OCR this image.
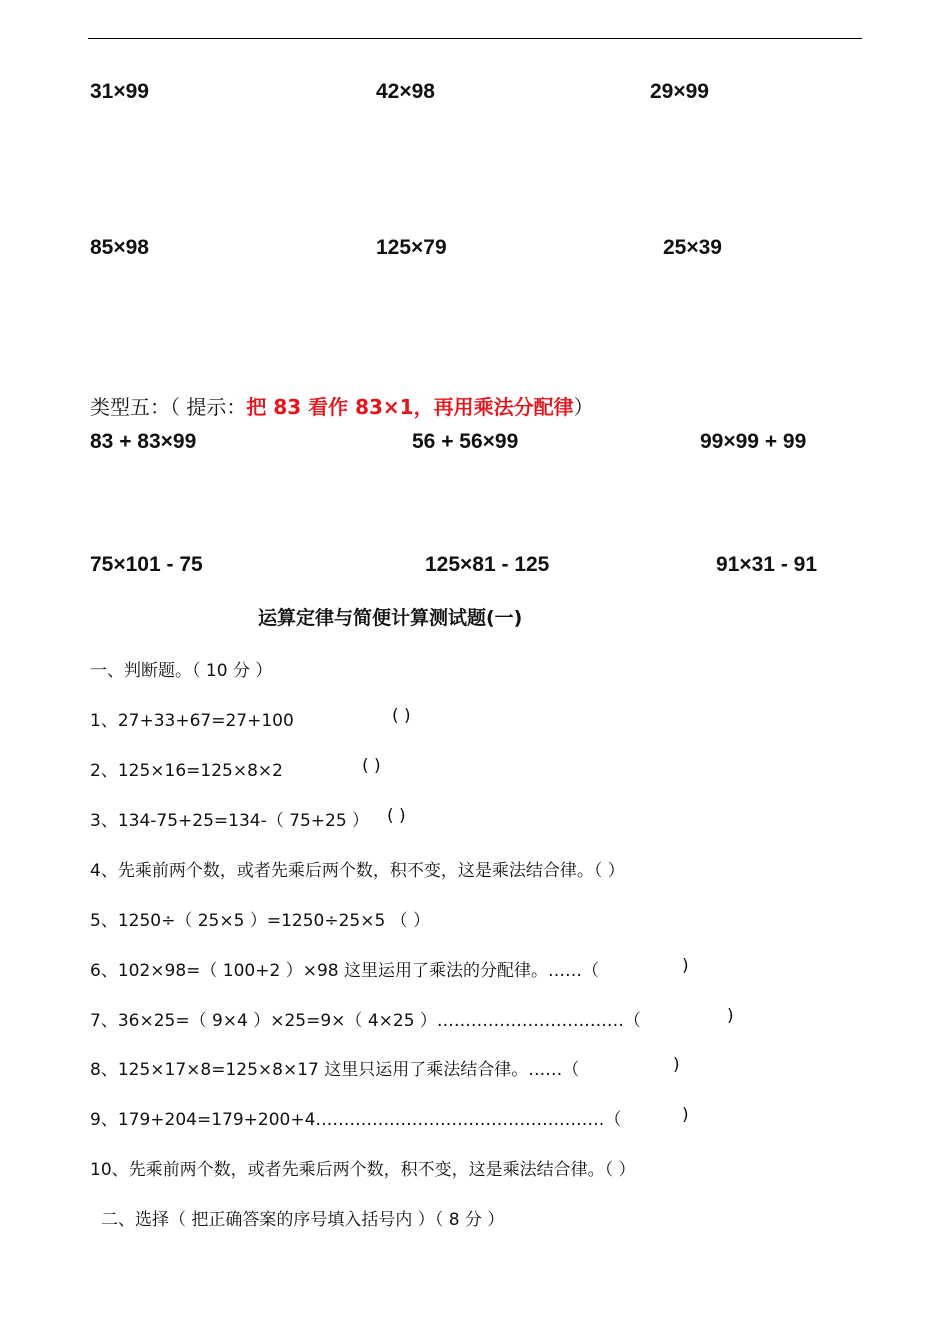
31×99	42×98	29×99
85×98	125×79	25×39
类型五：（ 提示：把 83 看作 83×1，再用乘法分配律）
83 + 83×99	56 + 56×99	99×99 + 99
75×101 - 75	125×81 - 125	91×31 - 91
运算定律与简便计算测试题(一)
一、判断题。（ 10 分 ）
1、27+33+67=27+100	( )
2、125×16=125×8×2	( )
3、134-75+25=134-（ 75+25 ） ( )
4、先乘前两个数，或者先乘后两个数，积不变，这是乘法结合律。（ ）
5、1250÷（ 25×5 ）=1250÷25×5 （ ）
6、102×98=（ 100+2 ）×98 这里运用了乘法的分配律。……（	)
7、36×25=（ 9×4 ）×25=9×（ 4×25 ）……………………………（	)
8、125×17×8=125×8×17 这里只运用了乘法结合律。……（	)
9、179+204=179+200+4……………………………………………（	)
10、先乘前两个数，或者先乘后两个数，积不变，这是乘法结合律。（ ）
二、选择（ 把正确答案的序号填入括号内 ）（ 8 分 ）
